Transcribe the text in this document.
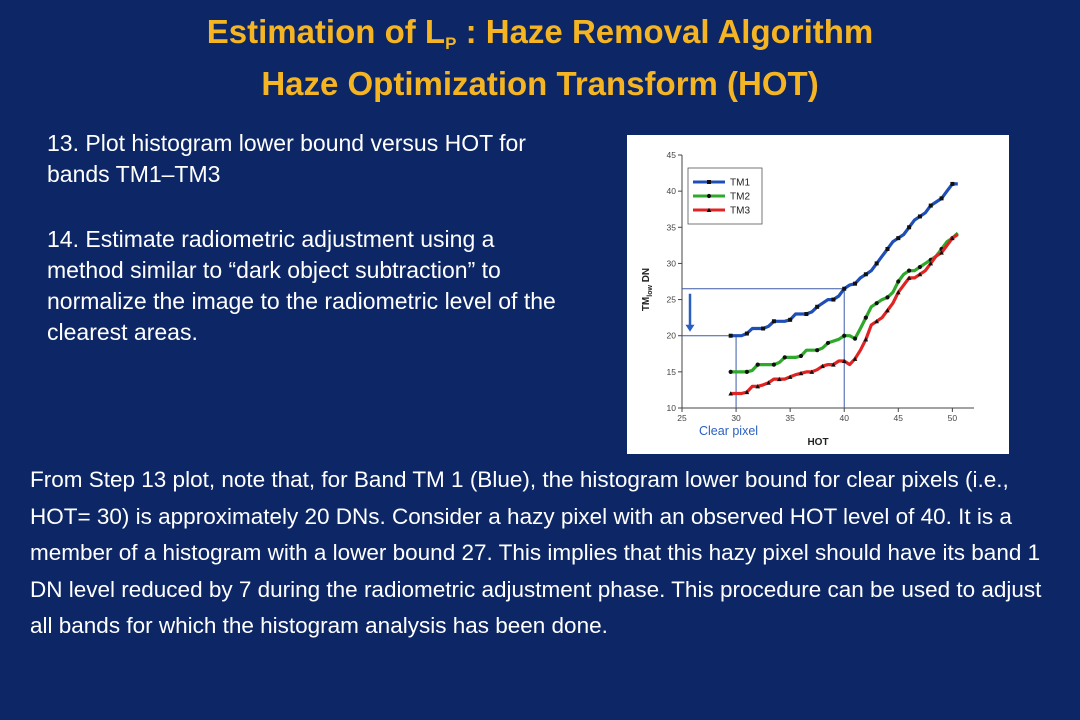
Estimation of $L_P$ : Haze Removal Algorithm
Haze Optimization Transform (HOT)
13. Plot histogram lower bound versus HOT for bands TM1–TM3
14. Estimate radiometric adjustment using a method similar to “dark object subtraction” to normalize the image to the radiometric level of the clearest areas.
25	30	35	40	45	50
10
15
20
25
30
35
40
45
HOT
$TM_{low}$ DN
TM1
TM2
TM3
Clear pixel
From Step 13 plot, note that, for Band TM 1 (Blue), the histogram lower bound for clear pixels (i.e., HOT= 30) is approximately 20 DNs. Consider a hazy pixel with an observed HOT level of 40. It is a member of a histogram with a lower bound 27. This implies that this hazy pixel should have its band 1 DN level reduced by 7 during the radiometric adjustment phase. This procedure can be used to adjust all bands for which the histogram analysis has been done.
